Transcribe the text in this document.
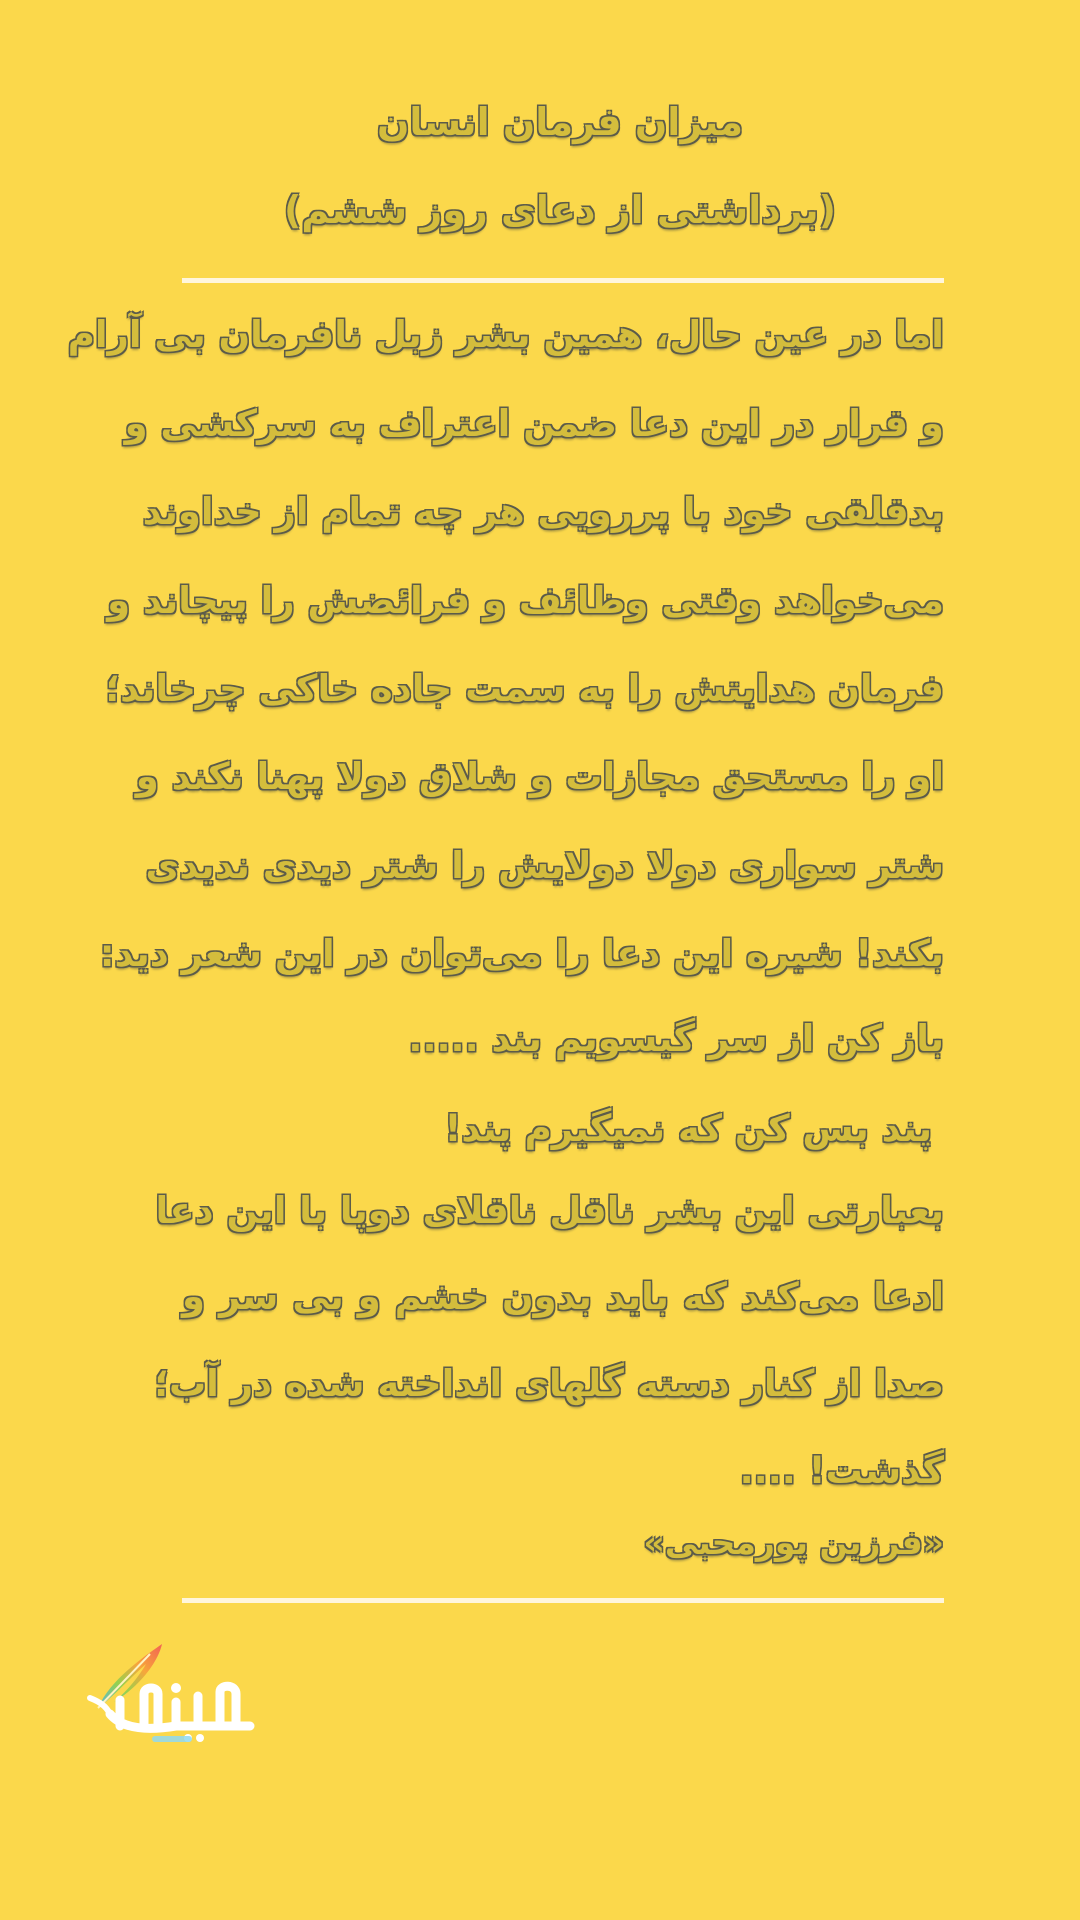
میزان فرمان انسان
(برداشتی از دعای روز ششم)
اما در عین حال، همین بشر زبل نافرمان بی آرام
و قرار در این دعا ضمن اعتراف به سرکشی و
بدقلقی خود با پررویی هر چه تمام از خداوند
می‌خواهد وقتی وظائف و فرائضش را پیچاند و
فرمان هدایتش را به سمت جاده خاکی چرخاند؛
او را مستحق مجازات و شلاق دولا پهنا نکند و
شتر سواری دولا دولایش را شتر دیدی ندیدی
بکند! شیره این دعا را می‌توان در این شعر دید:
باز کن از سر گیسویم بند .....
پند بس کن که نمیگیرم پند!
بعبارتی این بشر ناقل ناقلای دوپا با این دعا
ادعا می‌کند که باید بدون خشم و بی سر و
صدا از کنار دسته گلهای انداخته شده در آب؛
گذشت! ....
«فرزین پورمحبی»
